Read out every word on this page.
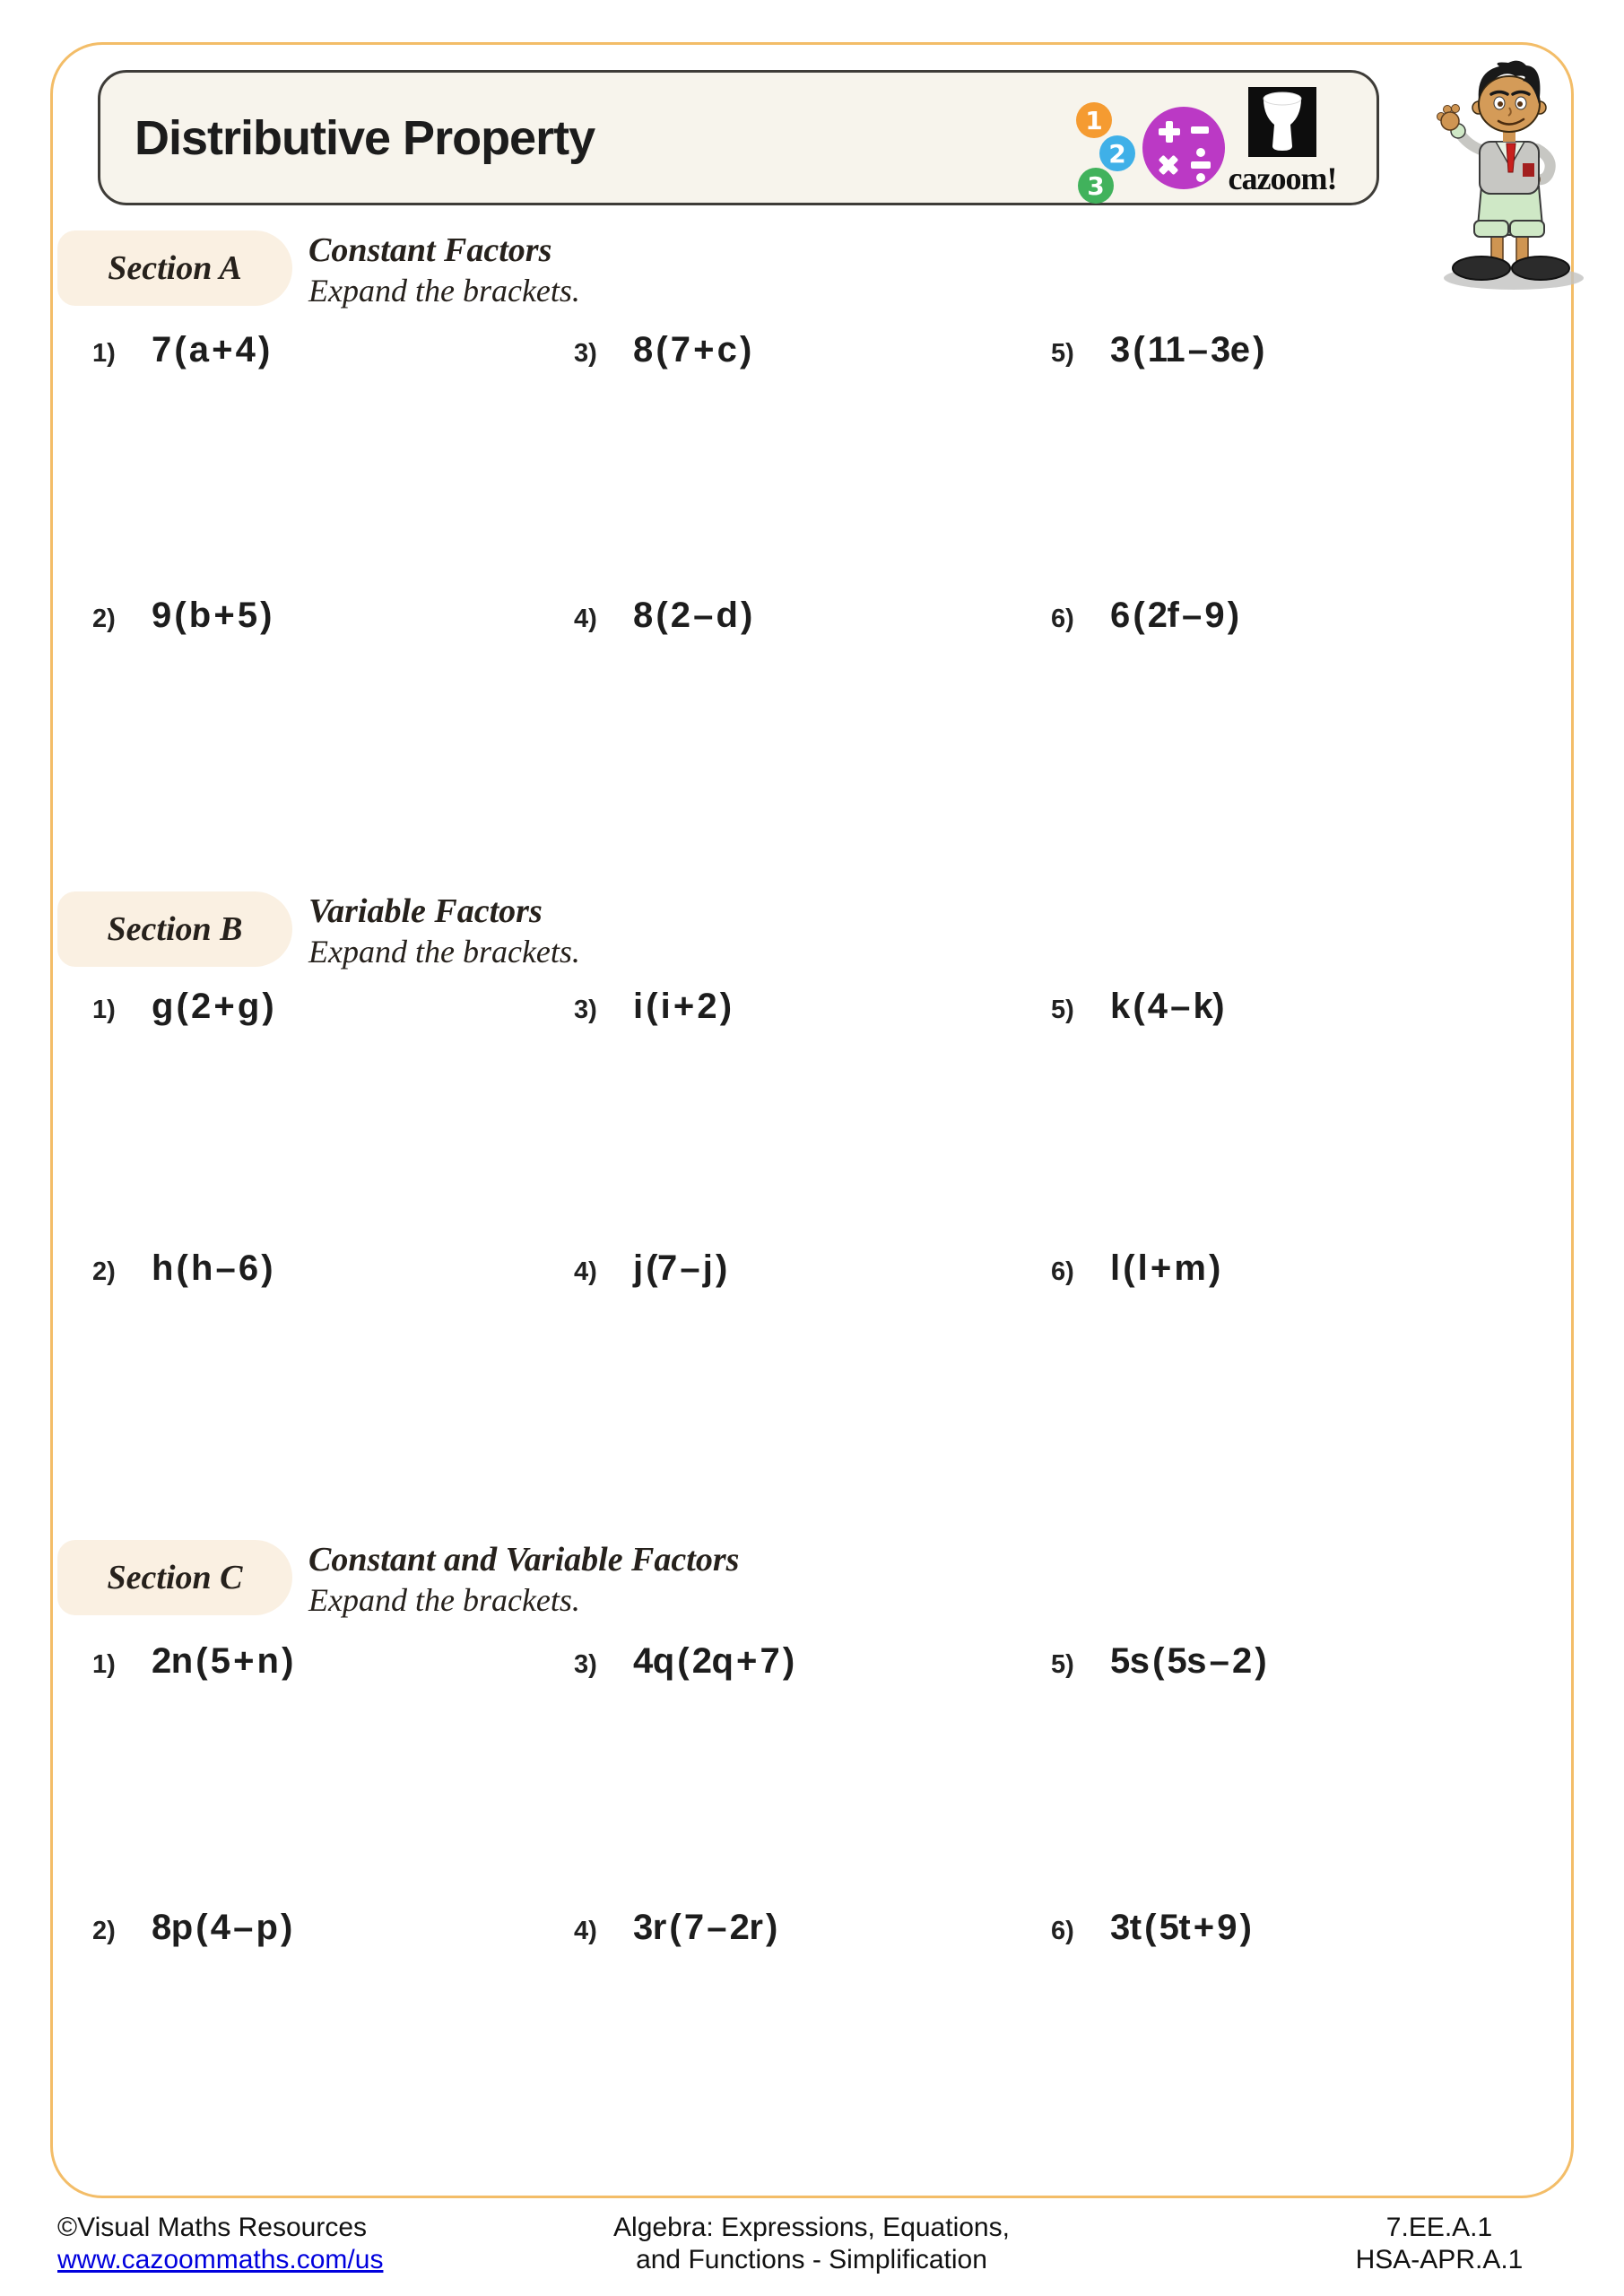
Distributive Property	1
2
3	cazoom!
Section A	Constant Factors
Expand the brackets.
1)	7 ( a + 4 )	3)	8 ( 7 + c )	5)	3 ( 11 – 3e )
2)	9 ( b + 5 )	4)	8 ( 2 – d )	6)	6 ( 2f – 9 )
Section B	Variable Factors
Expand the brackets.
1)	g ( 2 + g )	3)	i ( i + 2 )	5)	k ( 4 – k)
2)	h ( h – 6 )	4)	j (7 – j )	6)	l ( l + m )
Section C	Constant and Variable Factors
Expand the brackets.
1)	2n ( 5 + n )	3)	4q ( 2q + 7 )	5)	5s ( 5s – 2 )
2)	8p ( 4 – p )	4)	3r ( 7 – 2r )	6)	3t ( 5t + 9 )
©Visual Maths Resources
www.cazoommaths.com/us
Algebra: Expressions, Equations,
and Functions - Simplification
7.EE.A.1
HSA-APR.A.1
